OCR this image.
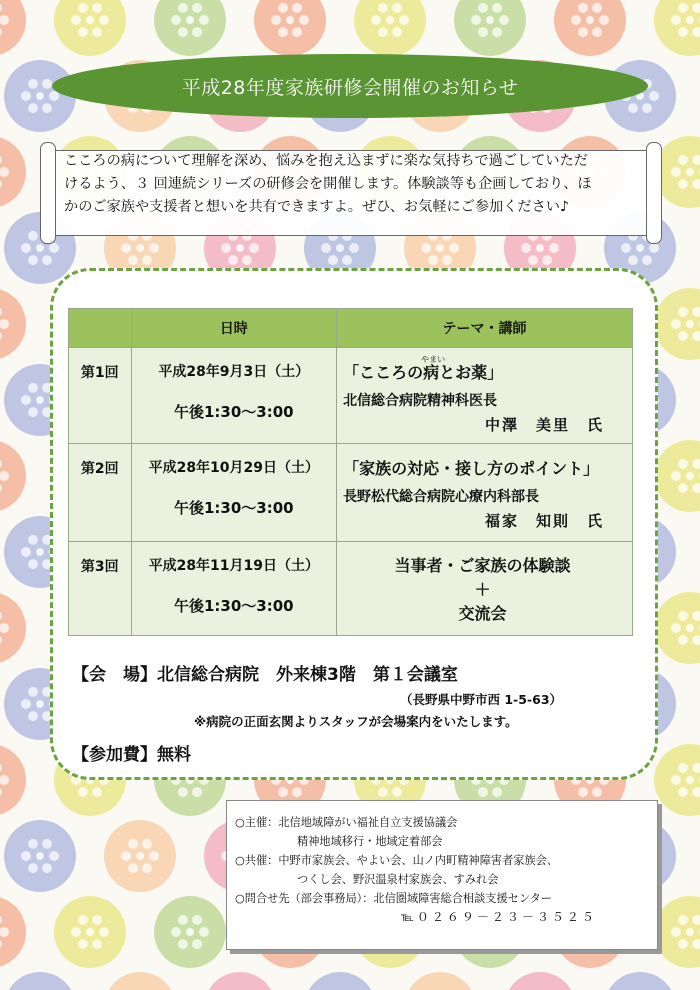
平成28年度家族研修会開催のお知らせ
こころの病について理解を深め、悩みを抱え込まずに楽な気持ちで過ごしていただ
けるよう、３ 回連続シリーズの研修会を開催します。体験談等も企画しており、ほ
かのご家族や支援者と想いを共有できますよ。ぜひ、お気軽にご参加ください♪
	日時	テーマ・講師
第1回	平成28年9月3日（土）
午後1:30～3:00	「こころの
やまい
病とお薬」
北信総合病院精神科医長
中澤　美里　氏

第2回	平成28年10月29日（土）
午後1:30～3:00	「家族の対応・接し方のポイント」
長野松代総合病院心療内科部長
福家　知則　氏

第3回	平成28年11月19日（土）
午後1:30～3:00	当事者・ご家族の体験談
＋
交流会
【会　場】北信総合病院　外来棟3階　第１会議室
（長野県中野市西 1-5-63）
※病院の正面玄関よりスタッフが会場案内をいたします。
【参加費】無料
○主催： 北信地域障がい福祉自立支援協議会
精神地域移行・地域定着部会
○共催： 中野市家族会、やよい会、山ノ内町精神障害者家族会、
つくし会、野沢温泉村家族会、すみれ会
○問合せ先（部会事務局）： 北信圏域障害総合相談支援センター
℡０２６９－２３－３５２５
